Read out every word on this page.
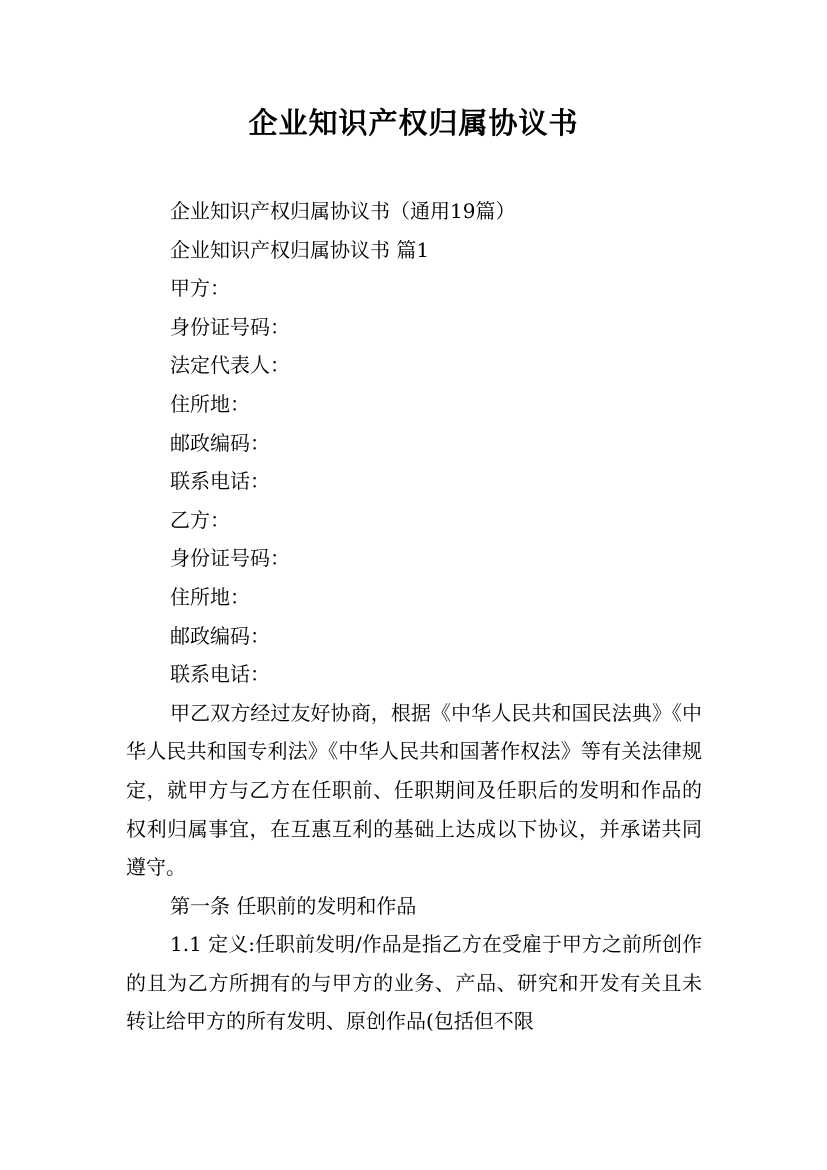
企业知识产权归属协议书
企业知识产权归属协议书（通用19篇）
企业知识产权归属协议书 篇1
甲方：
身份证号码：
法定代表人：
住所地：
邮政编码：
联系电话：
乙方：
身份证号码：
住所地：
邮政编码：
联系电话：
甲乙双方经过友好协商，根据《中华人民共和国民法典》《中华人民共和国专利法》《中华人民共和国著作权法》等有关法律规定，就甲方与乙方在任职前、任职期间及任职后的发明和作品的权利归属事宜，在互惠互利的基础上达成以下协议，并承诺共同遵守。
第一条 任职前的发明和作品
1.1 定义:任职前发明/作品是指乙方在受雇于甲方之前所创作的且为乙方所拥有的与甲方的业务、产品、研究和开发有关且未转让给甲方的所有发明、原创作品(包括但不限
